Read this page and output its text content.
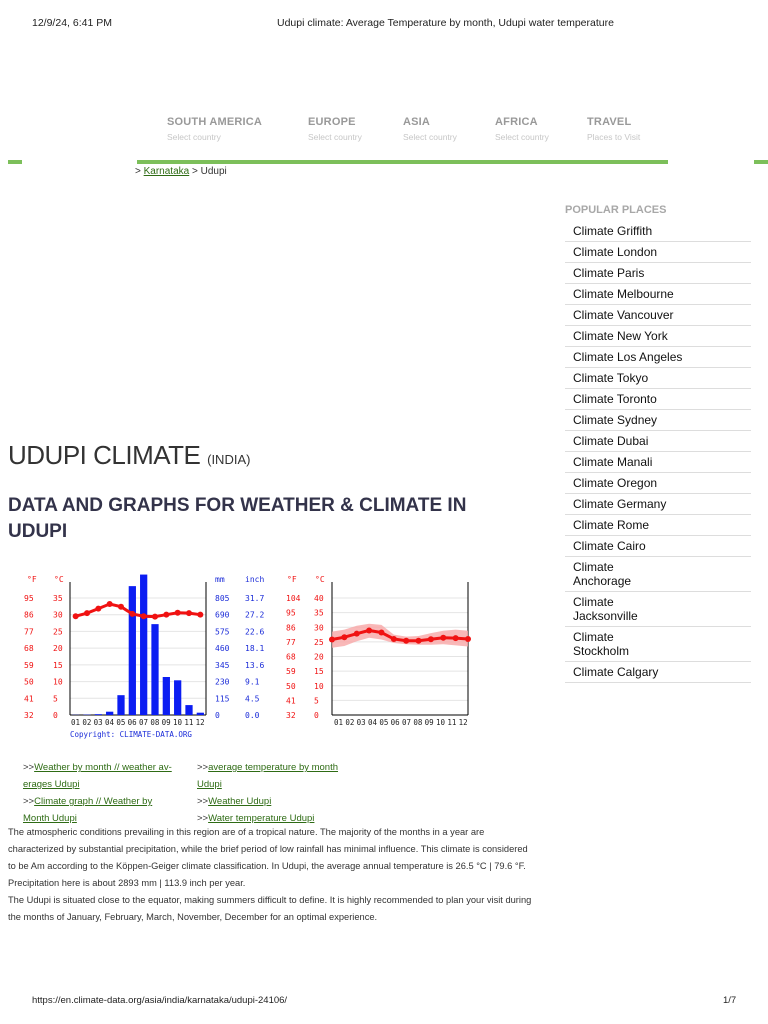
12/9/24, 6:41 PM	Udupi climate: Average Temperature by month, Udupi water temperature
SOUTH AMERICA
Select country
EUROPE
Select country
ASIA
Select country
AFRICA
Select country
TRAVEL
Places to Visit
> Karnataka > Udupi
POPULAR PLACES
Climate Griffith
Climate London
Climate Paris
Climate Melbourne
Climate Vancouver
Climate New York
Climate Los Angeles
Climate Tokyo
Climate Toronto
Climate Sydney
Climate Dubai
Climate Manali
Climate Oregon
Climate Germany
Climate Rome
Climate Cairo
Climate Anchorage
Climate Jacksonville
Climate Stockholm
Climate Calgary
UDUPI CLIMATE (INDIA)
DATA AND GRAPHS FOR WEATHER & CLIMATE IN UDUPI
°F °C	mm	inch
95 35	805 31.7
86 30	690 27.2
77 25	575 22.6
68 20	460 18.1
59 15	345 13.6
50 10	230 9.1
41 5	115 4.5
32 0	0	0.0
01 02 03 04 05 06 07 08 09 10 11 12
Copyright: CLIMATE-DATA.ORG
°F °C
104 40
95 35
86 30
77 25
68 20
59 15
50 10
41 5
32 0
01 02 03 04 05 06 07 08 09 10 11 12
>>Weather by month // weather av-
erages Udupi
>>Climate graph // Weather by
Month Udupi
>>average temperature by month
Udupi
>>Weather Udupi
>>Water temperature Udupi
The atmospheric conditions prevailing in this region are of a tropical nature. The majority of the months in a year are characterized by substantial precipitation, while the brief period of low rainfall has minimal influence. This climate is considered to be Am according to the Köppen-Geiger climate classification. In Udupi, the average annual temperature is 26.5 °C | 79.6 °F. Precipitation here is about 2893 mm | 113.9 inch per year.
The Udupi is situated close to the equator, making summers difficult to define. It is highly recommended to plan your visit during the months of January, February, March, November, December for an optimal experience.
https://en.climate-data.org/asia/india/karnataka/udupi-24106/	1/7
